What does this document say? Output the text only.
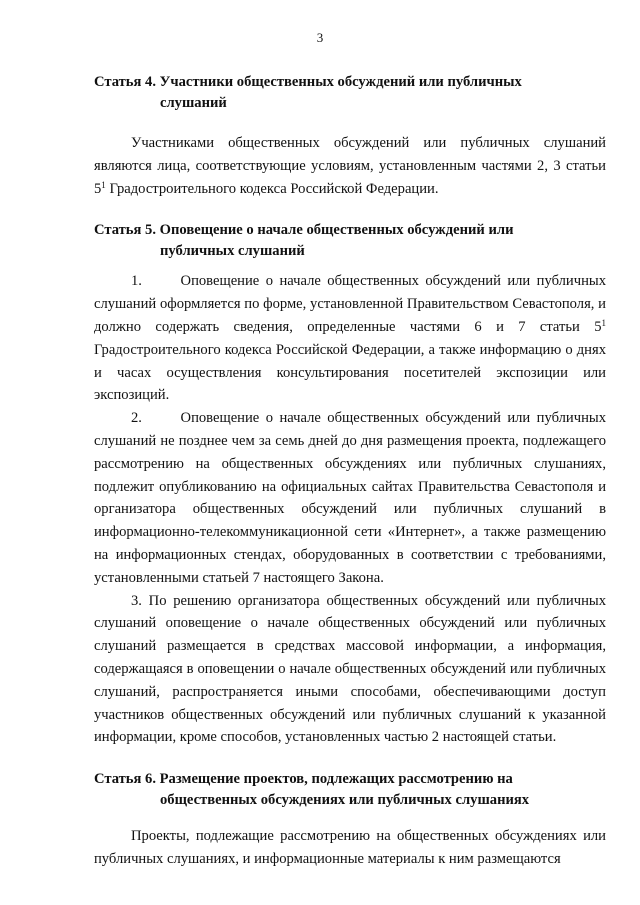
3
Статья 4. Участники общественных обсуждений или публичных
слушаний

Участниками общественных обсуждений или публичных слушаний являются лица, соответствующие условиям, установленным частями 2, 3 статьи $5^1$ Градостроительного кодекса Российской Федерации.

Статья 5. Оповещение о начале общественных обсуждений или
публичных слушаний

1.      Оповещение о начале общественных обсуждений или публичных слушаний оформляется по форме, установленной Правительством Севастополя, и должно содержать сведения, определенные частями 6 и 7 статьи $5^1$ Градостроительного кодекса Российской Федерации, а также информацию о днях и часах осуществления консультирования посетителей экспозиции или экспозиций.

2.      Оповещение о начале общественных обсуждений или публичных слушаний не позднее чем за семь дней до дня размещения проекта, подлежащего рассмотрению на общественных обсуждениях или публичных слушаниях, подлежит опубликованию на официальных сайтах Правительства Севастополя и организатора общественных обсуждений или публичных слушаний в информационно-телекоммуникационной сети «Интернет», а также размещению на информационных стендах, оборудованных в соответствии с требованиями, установленными статьей 7 настоящего Закона.

3. По решению организатора общественных обсуждений или публичных слушаний оповещение о начале общественных обсуждений или публичных слушаний размещается в средствах массовой информации, а информация, содержащаяся в оповещении о начале общественных обсуждений или публичных слушаний, распространяется иными способами, обеспечивающими доступ участников общественных обсуждений или публичных слушаний к указанной информации, кроме способов, установленных частью 2 настоящей статьи.

Статья 6. Размещение проектов, подлежащих рассмотрению на
общественных обсуждениях или публичных слушаниях

Проекты, подлежащие рассмотрению на общественных обсуждениях или публичных слушаниях, и информационные материалы к ним размещаются
